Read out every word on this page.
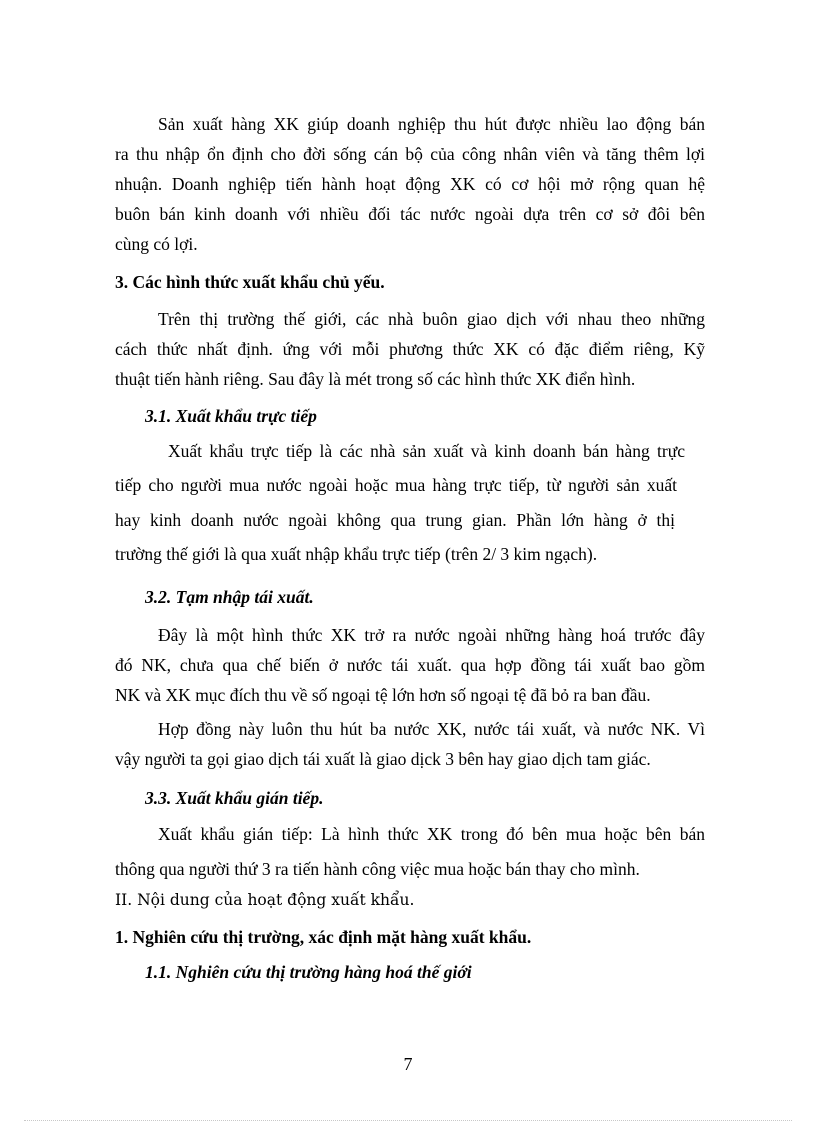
Sản xuất hàng XK giúp doanh nghiệp thu hút được nhiều lao động bán
ra thu nhập ổn định cho đời sống cán bộ của công nhân viên và tăng thêm lợi
nhuận. Doanh nghiệp tiến hành hoạt động XK có cơ hội mở rộng quan hệ
buôn bán kinh doanh với nhiều đối tác nước ngoài dựa trên cơ sở đôi bên
cùng có lợi.
3. Các hình thức xuất khẩu chủ yếu.
Trên thị trường thế giới, các nhà buôn giao dịch với nhau theo những
cách thức nhất định. ứng với mỗi phương thức XK có đặc điểm riêng, Kỹ
thuật tiến hành riêng. Sau đây là mét trong số các hình thức XK điển hình.
3.1. Xuất khẩu trực tiếp
Xuất khẩu trực tiếp là các nhà sản xuất và kinh doanh bán hàng trực
tiếp cho người mua nước ngoài hoặc mua hàng trực tiếp, từ người sản xuất
hay kinh doanh nước ngoài không qua trung gian. Phần lớn hàng ở thị
trường thế giới là qua xuất nhập khẩu trực tiếp (trên 2/ 3 kim ngạch).
3.2. Tạm nhập tái xuất.
Đây là một hình thức XK trở ra nước ngoài những hàng hoá trước đây
đó NK, chưa qua chế biến ở nước tái xuất. qua hợp đồng tái xuất bao gồm
NK và XK mục đích thu về số ngoại tệ lớn hơn số ngoại tệ đã bỏ ra ban đầu.
Hợp đồng này luôn thu hút ba nước XK, nước tái xuất, và nước NK. Vì
vậy người ta gọi giao dịch tái xuất là giao dịck 3 bên hay giao dịch tam giác.
3.3. Xuất khẩu gián tiếp.
Xuất khẩu gián tiếp: Là hình thức XK trong đó bên mua hoặc bên bán
thông qua người thứ 3 ra tiến hành công việc mua hoặc bán thay cho mình.
II. Nội dung của hoạt động xuất khẩu.
1. Nghiên cứu thị trường, xác định mặt hàng xuất khẩu.
1.1. Nghiên cứu thị trường hàng hoá thế giới
7
